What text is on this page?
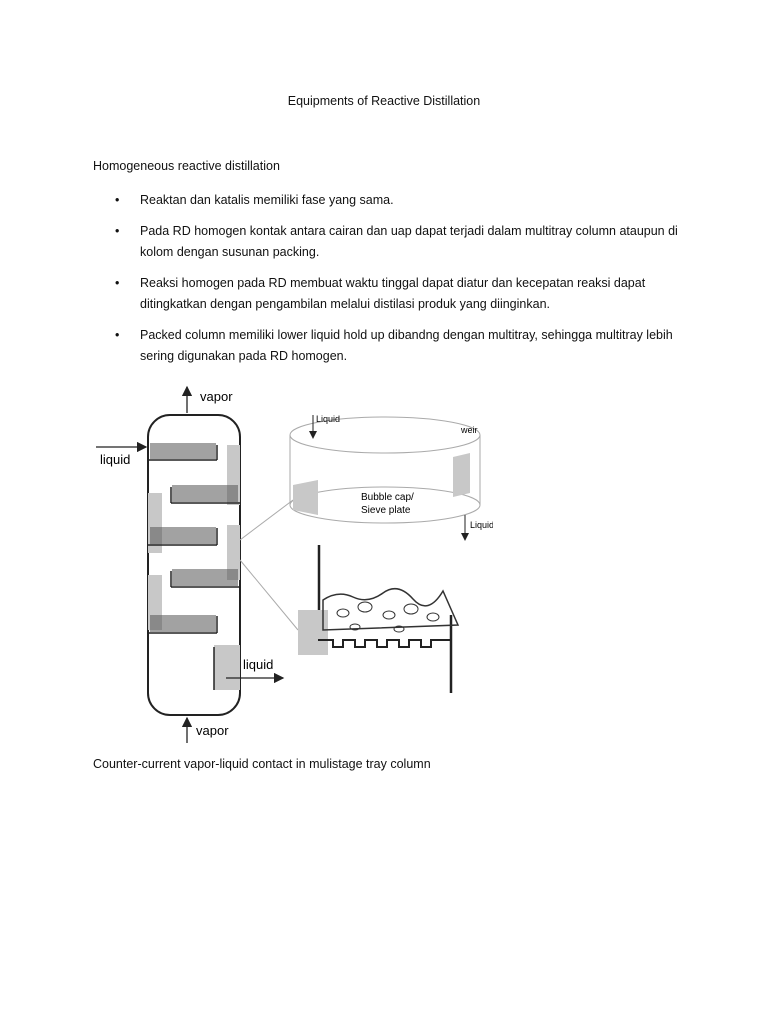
Equipments of Reactive Distillation
Homogeneous reactive distillation
• Reaktan dan katalis memiliki fase yang sama.
• Pada RD homogen kontak antara cairan dan uap dapat terjadi dalam multitray column ataupun di kolom dengan susunan packing.
• Reaksi homogen pada RD membuat waktu tinggal dapat diatur dan kecepatan reaksi dapat ditingkatkan dengan pengambilan melalui distilasi produk yang diinginkan.
• Packed column memiliki lower liquid hold up dibandng dengan multitray, sehingga multitray lebih sering digunakan pada RD homogen.
vapor
liquid
liquid
vapor
Liquid
weir
Bubble cap/
Sieve plate
Liquid
Counter-current vapor-liquid contact in mulistage tray column
